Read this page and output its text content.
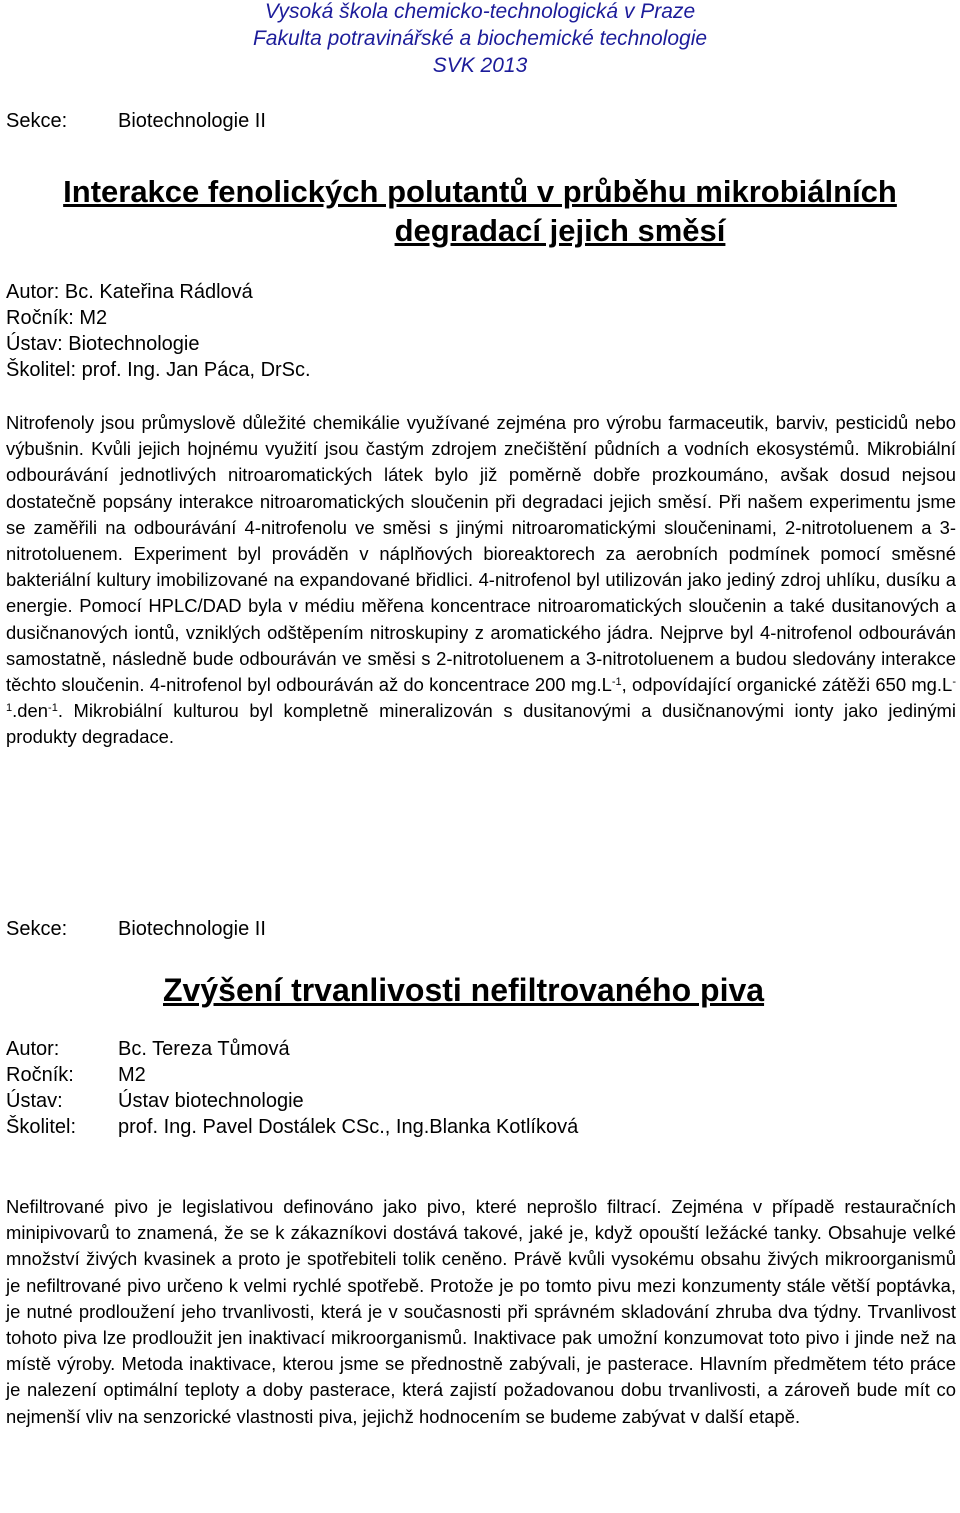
Vysoká škola chemicko-technologická v Praze
Fakulta potravinářské a biochemické technologie
SVK 2013
Sekce:	Biotechnologie II
Interakce fenolických polutantů v průběhu mikrobiálních
degradací jejich směsí
Autor: Bc. Kateřina Rádlová
Ročník: M2
Ústav: Biotechnologie
Školitel: prof. Ing. Jan Páca, DrSc.
Nitrofenoly jsou průmyslově důležité chemikálie využívané zejména pro výrobu farmaceutik, barviv, pesticidů nebo výbušnin. Kvůli jejich hojnému využití jsou častým zdrojem znečištění půdních a vodních ekosystémů. Mikrobiální odbourávání jednotlivých nitroaromatických látek bylo již poměrně dobře prozkoumáno, avšak dosud nejsou dostatečně popsány interakce nitroaromatických sloučenin při degradaci jejich směsí. Při našem experimentu jsme se zaměřili na odbourávání 4-nitrofenolu ve směsi s jinými nitroaromatickými sloučeninami, 2-nitrotoluenem a 3-nitrotoluenem. Experiment byl prováděn v náplňových bioreaktorech za aerobních podmínek pomocí směsné bakteriální kultury imobilizované na expandované břidlici. 4-nitrofenol byl utilizován jako jediný zdroj uhlíku, dusíku a energie. Pomocí HPLC/DAD byla v médiu měřena koncentrace nitroaromatických sloučenin a také dusitanových a dusičnanových iontů, vzniklých odštěpením nitroskupiny z aromatického jádra. Nejprve byl 4-nitrofenol odbouráván samostatně, následně bude odbouráván ve směsi s 2-nitrotoluenem a 3-nitrotoluenem a budou sledovány interakce těchto sloučenin. 4-nitrofenol byl odbouráván až do koncentrace 200 $mg.L^{-1}$, odpovídající organické zátěži 650 $mg.L^{-1}.den^{-1}$. Mikrobiální kulturou byl kompletně mineralizován s dusitanovými a dusičnanovými ionty jako jedinými produkty degradace.
Sekce:	Biotechnologie II
Zvýšení trvanlivosti nefiltrovaného piva
Autor:	Bc. Tereza Tůmová
Ročník: M2
Ústav:	Ústav biotechnologie
Školitel: prof. Ing. Pavel Dostálek CSc., Ing.Blanka Kotlíková
Nefiltrované pivo je legislativou definováno jako pivo, které neprošlo filtrací. Zejména v případě restauračních minipivovarů to znamená, že se k zákazníkovi dostává takové, jaké je, když opouští ležácké tanky. Obsahuje velké množství živých kvasinek a proto je spotřebiteli tolik ceněno. Právě kvůli vysokému obsahu živých mikroorganismů je nefiltrované pivo určeno k velmi rychlé spotřebě. Protože je po tomto pivu mezi konzumenty stále větší poptávka, je nutné prodloužení jeho trvanlivosti, která je v současnosti při správném skladování zhruba dva týdny. Trvanlivost tohoto piva lze prodloužit jen inaktivací mikroorganismů. Inaktivace pak umožní konzumovat toto pivo i jinde než na místě výroby. Metoda inaktivace, kterou jsme se přednostně zabývali, je pasterace. Hlavním předmětem této práce je nalezení optimální teploty a doby pasterace, která zajistí požadovanou dobu trvanlivosti, a zároveň bude mít co nejmenší vliv na senzorické vlastnosti piva, jejichž hodnocením se budeme zabývat v další etapě.
